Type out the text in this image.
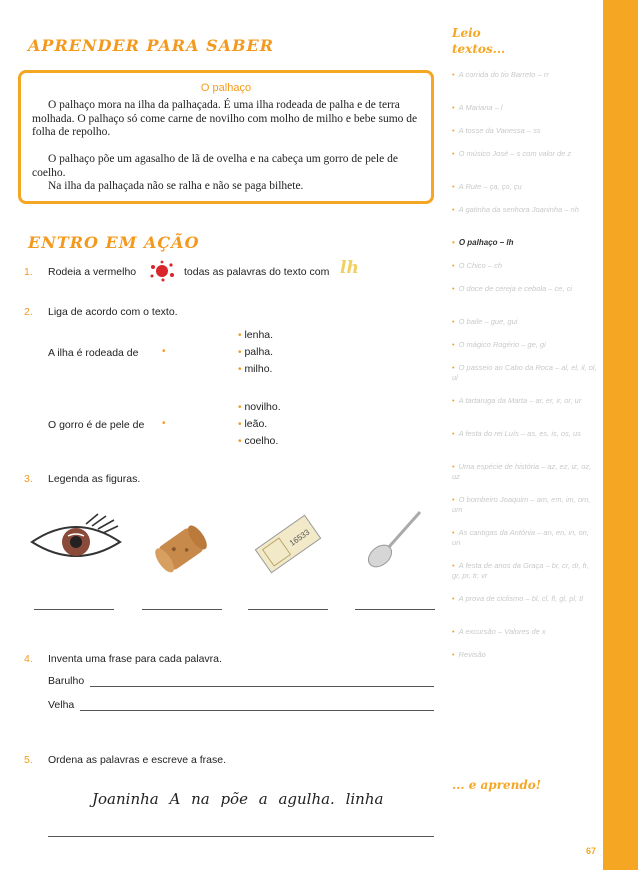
Leio
textos...
• A corrida do tio Barreto – rr
• A Mariana – l
• A tosse da Vanessa – ss
• O músico José – s com valor de z
• A Rute – ça, ço, çu
• A gatinha da senhora Joaninha – nh
• O palhaço – lh
• O Chico – ch
• O doce de cereja e cebola – ce, ci
• O baile – gue, gui
• O mágico Rogério – ge, gi
• O passeio ao Cabo da Roca – al, el, il, ol, ul
• A tartaruga da Marta – ar, er, ir, or, ur
• A festa do rei Luís – as, es, is, os, us
• Uma espécie de história – az, ez, iz, oz, uz
• O bombeiro Joaquim – am, em, im, om, um
• As cantigas da Antónia – an, en, in, on, un
• A festa de anos da Graça – br, cr, dr, fr, gr, pr, tr, vr
• A prova de ciclismo – bl, cl, fl, gl, pl, tl
• A excursão – Valores de x
• Revisão
... e aprendo!
67
APRENDER PARA SABER
O palhaço
O palhaço mora na ilha da palhaçada. É uma ilha rodeada de palha e de terra molhada. O palhaço só come carne de novilho com molho de milho e bebe sumo de folha de repolho.
O palhaço põe um agasalho de lã de ovelha e na cabeça um gorro de pele de coelho.
Na ilha da palhaçada não se ralha e não se paga bilhete.
ENTRO EM AÇÃO
1. Rodeia a vermelho	todas as palavras do texto com lh
2. Liga de acordo com o texto.
A ilha é rodeada de •
• lenha.
• palha.
• milho.
O gorro é de pele de •
• novilho.
• leão.
• coelho.
3. Legenda as figuras.
16533
4. Inventa uma frase para cada palavra.
Barulho
Velha
5. Ordena as palavras e escreve a frase.
Joaninha A na põe a agulha. linha
